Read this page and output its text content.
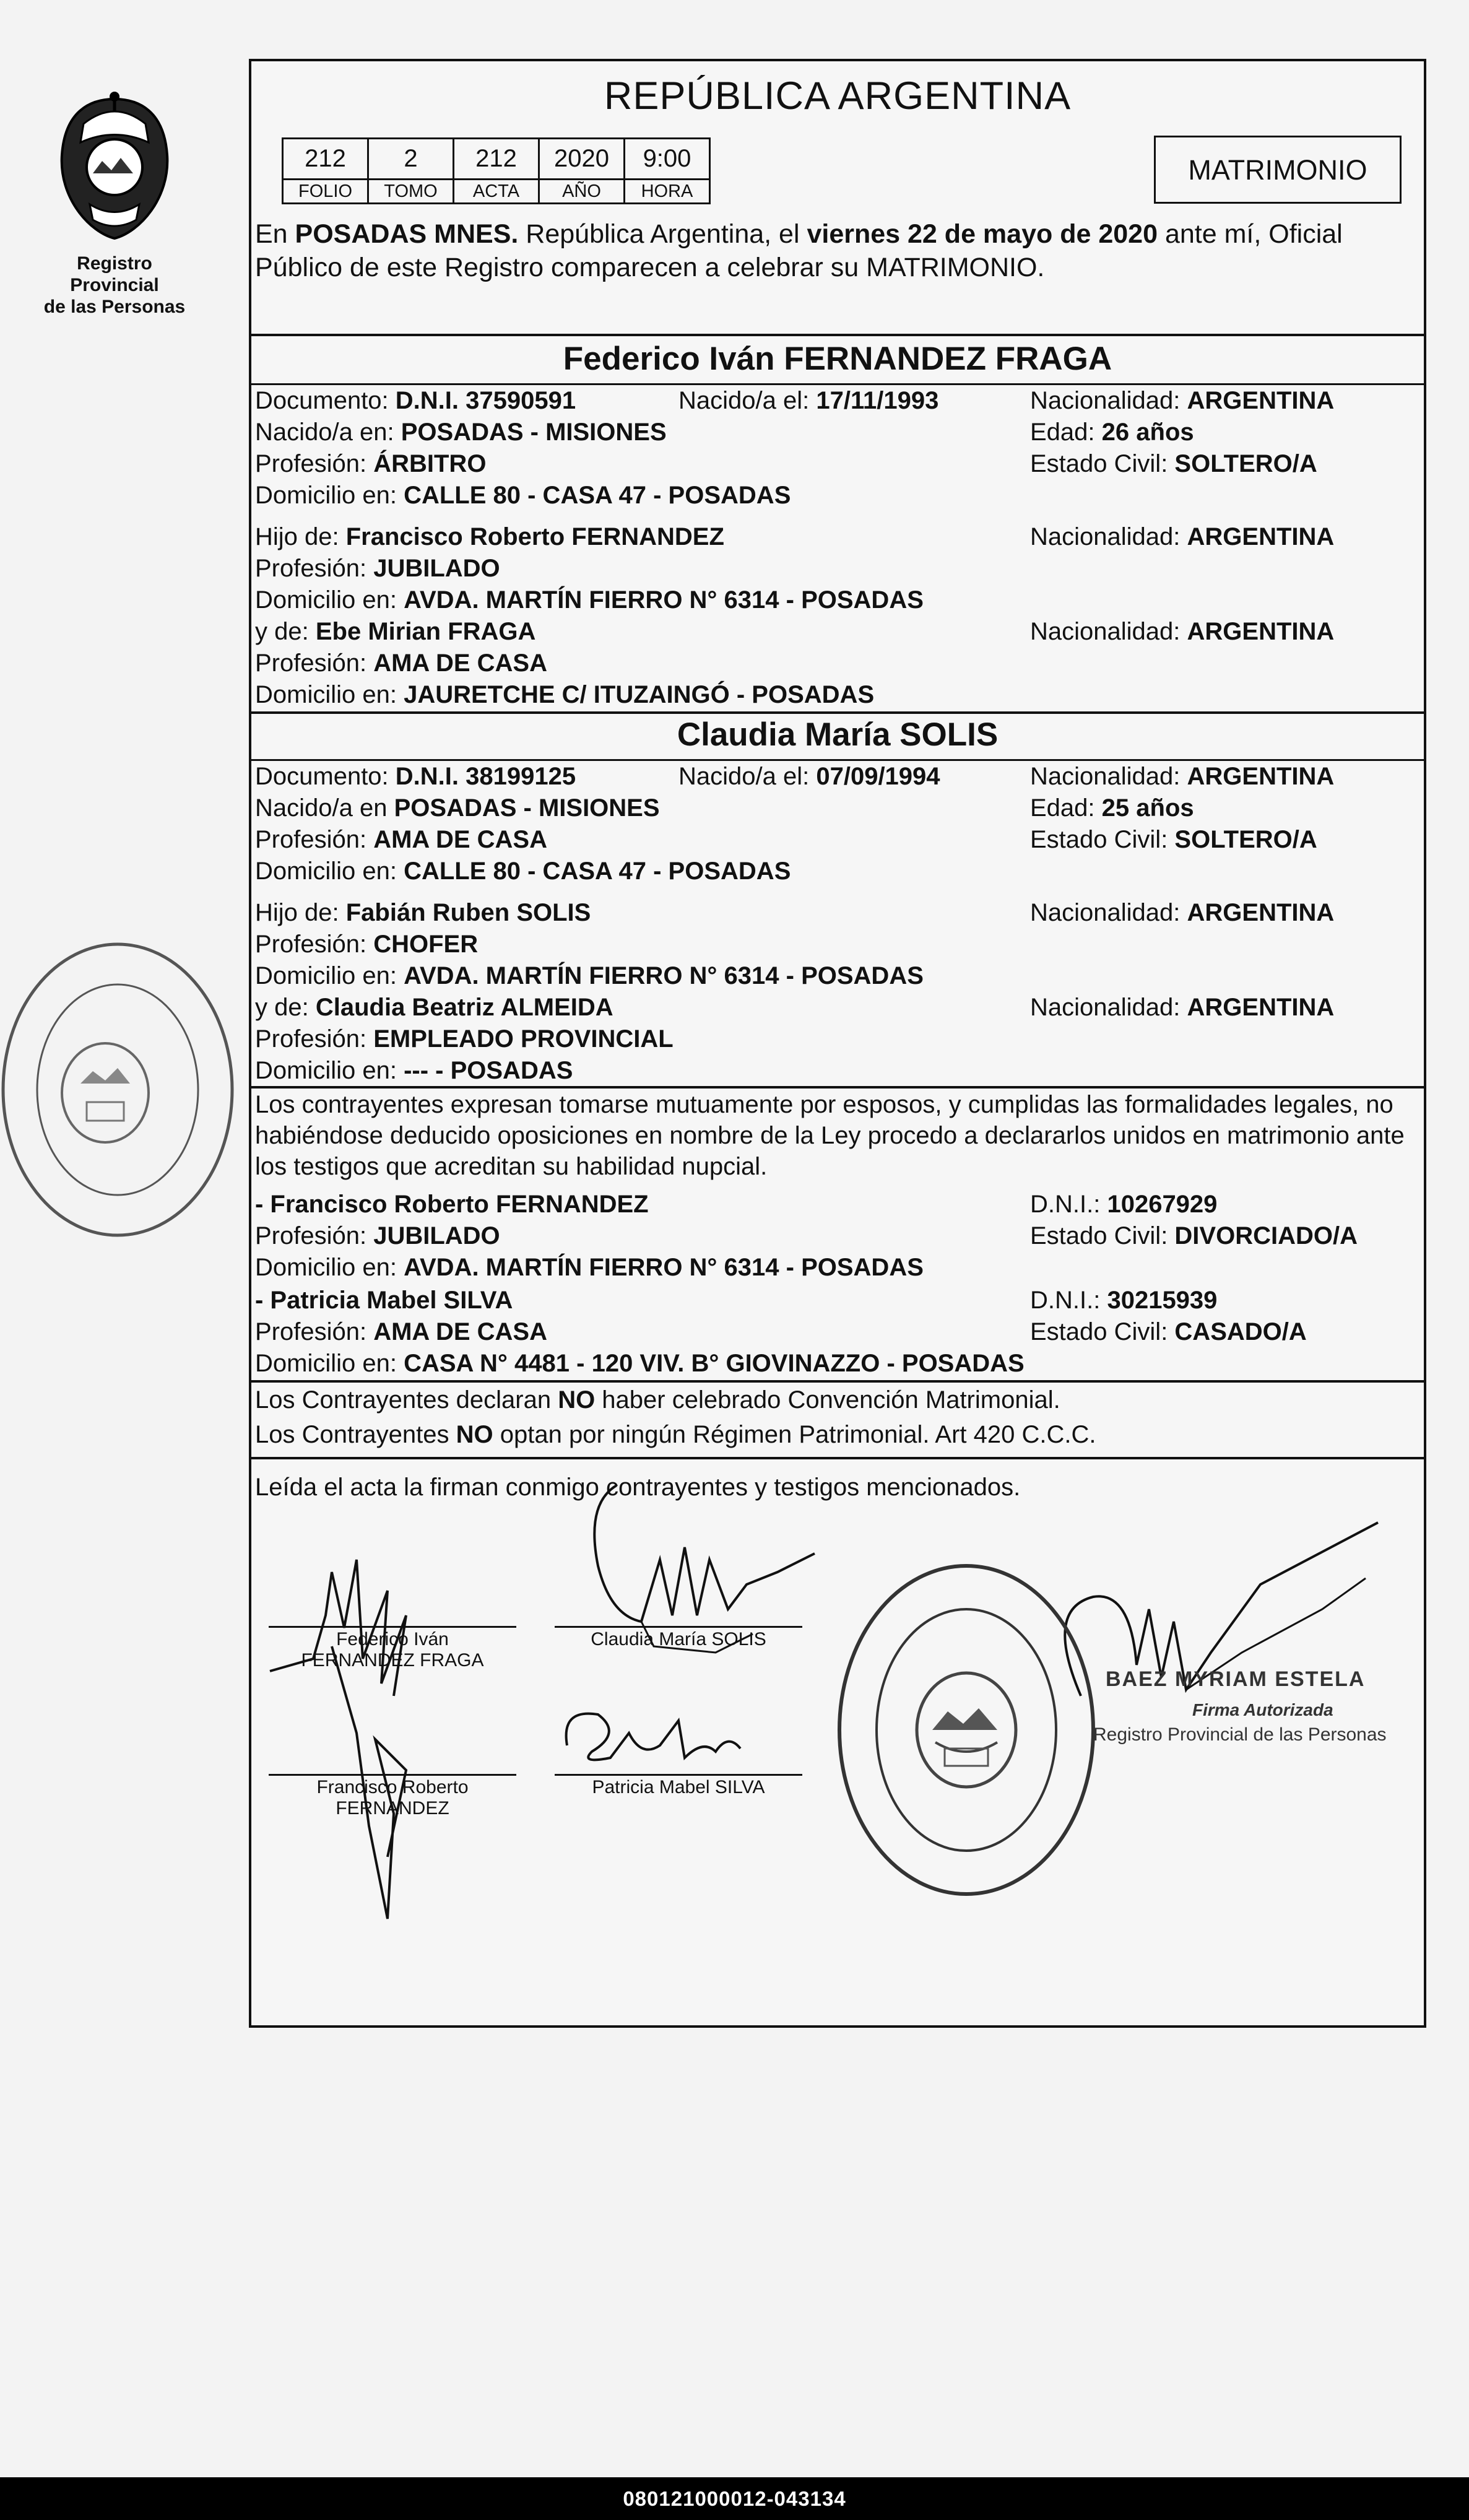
Registro Provincial
de las Personas
REPÚBLICA ARGENTINA
212	2	212	2020	9:00
FOLIO	TOMO	ACTA	AÑO	HORA
MATRIMONIO
En POSADAS MNES. República Argentina, el viernes 22 de mayo de 2020 ante mí, Oficial Público de este Registro comparecen a celebrar su MATRIMONIO.
Federico Iván FERNANDEZ FRAGA
Documento: D.N.I. 37590591	Nacido/a el: 17/11/1993	Nacionalidad: ARGENTINA
Nacido/a en: POSADAS - MISIONES	Edad: 26 años
Profesión: ÁRBITRO	Estado Civil: SOLTERO/A
Domicilio en: CALLE 80 - CASA 47 - POSADAS
Hijo de: Francisco Roberto FERNANDEZ	Nacionalidad: ARGENTINA
Profesión: JUBILADO
Domicilio en: AVDA. MARTÍN FIERRO N° 6314 - POSADAS
y de: Ebe Mirian FRAGA	Nacionalidad: ARGENTINA
Profesión: AMA DE CASA
Domicilio en: JAURETCHE C/ ITUZAINGÓ - POSADAS
Claudia María SOLIS
Documento: D.N.I. 38199125	Nacido/a el: 07/09/1994	Nacionalidad: ARGENTINA
Nacido/a en POSADAS - MISIONES	Edad: 25 años
Profesión: AMA DE CASA	Estado Civil: SOLTERO/A
Domicilio en: CALLE 80 - CASA 47 - POSADAS
Hijo de: Fabián Ruben SOLIS	Nacionalidad: ARGENTINA
Profesión: CHOFER
Domicilio en: AVDA. MARTÍN FIERRO N° 6314 - POSADAS
y de: Claudia Beatriz ALMEIDA	Nacionalidad: ARGENTINA
Profesión: EMPLEADO PROVINCIAL
Domicilio en: --- - POSADAS
Los contrayentes expresan tomarse mutuamente por esposos, y cumplidas las formalidades legales, no habiéndose deducido oposiciones en nombre de la Ley procedo a declararlos unidos en matrimonio ante los testigos que acreditan su habilidad nupcial.
- Francisco Roberto FERNANDEZ	D.N.I.: 10267929
Profesión: JUBILADO	Estado Civil: DIVORCIADO/A
Domicilio en: AVDA. MARTÍN FIERRO N° 6314 - POSADAS
- Patricia Mabel SILVA	D.N.I.: 30215939
Profesión: AMA DE CASA	Estado Civil: CASADO/A
Domicilio en: CASA N° 4481 - 120 VIV. B° GIOVINAZZO - POSADAS
Los Contrayentes declaran NO haber celebrado Convención Matrimonial.
Los Contrayentes NO optan por ningún Régimen Patrimonial. Art 420 C.C.C.
Leída el acta la firman conmigo contrayentes y testigos mencionados.
Federico Iván
FERNANDEZ FRAGA
Claudia María SOLIS
Francisco Roberto
FERNANDEZ
Patricia Mabel SILVA
BAEZ MYRIAM ESTELA
Firma Autorizada
Registro Provincial de las Personas
080121000012-043134
